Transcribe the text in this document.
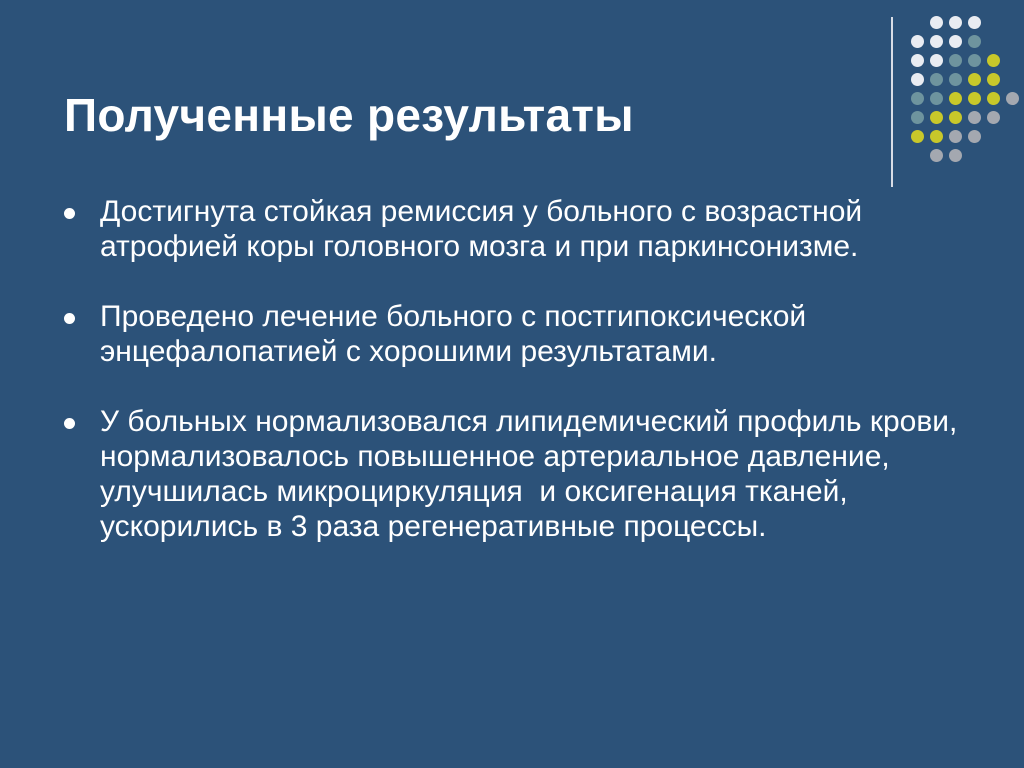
Полученные результаты
Достигнута стойкая ремиссия у больного с возрастной атрофией коры головного мозга и при паркинсонизме.
Проведено лечение больного с постгипоксической энцефалопатией с хорошими результатами.
У больных нормализовался липидемический профиль крови, нормализовалось повышенное артериальное давление, улучшилась микроциркуляция  и оксигенация тканей, ускорились в 3 раза регенеративные процессы.
